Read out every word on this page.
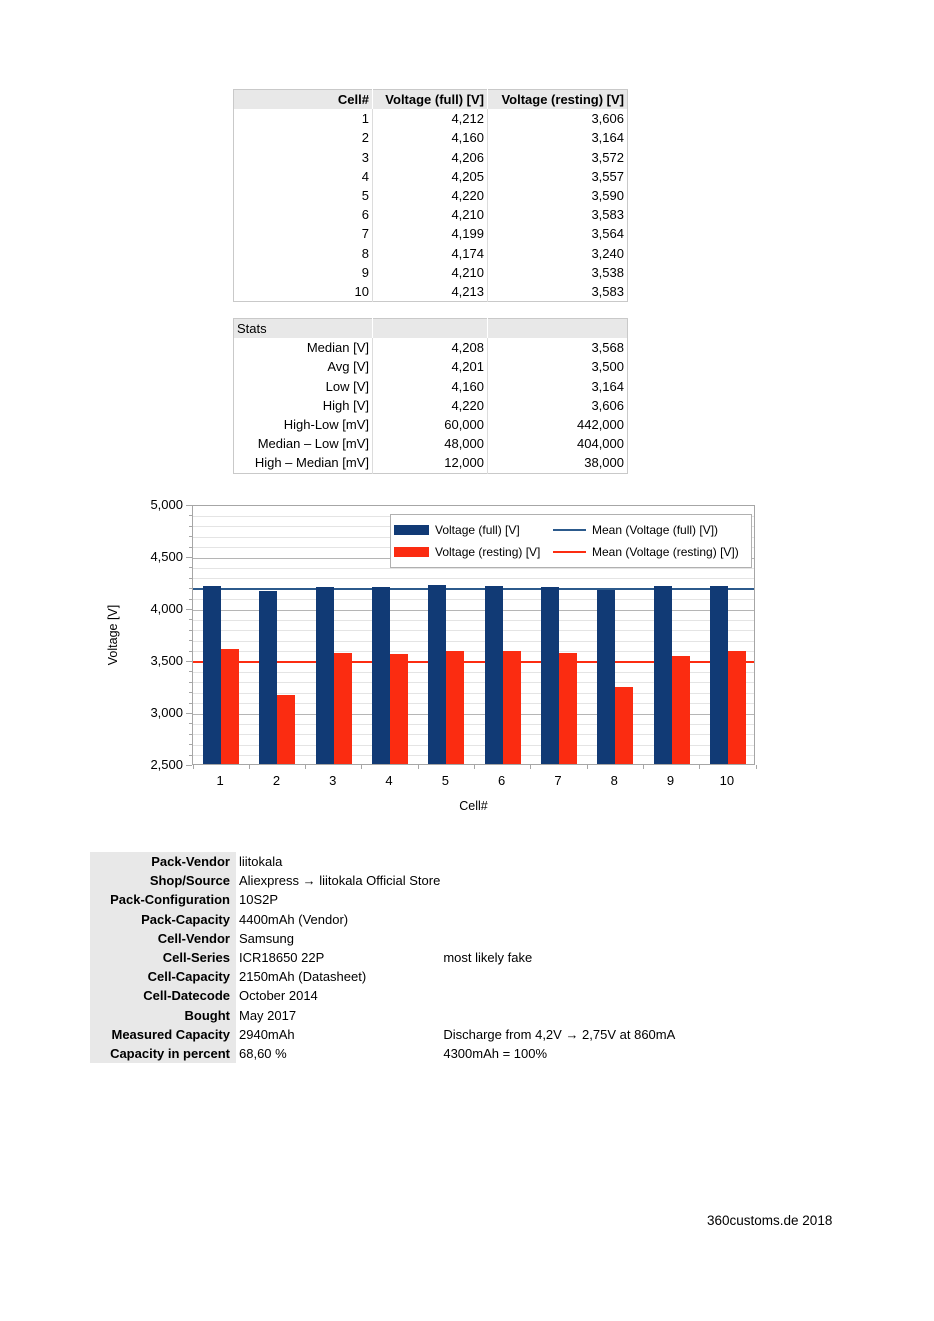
Cell#	Voltage (full) [V]	Voltage (resting) [V]
1	4,212	3,606
2	4,160	3,164
3	4,206	3,572
4	4,205	3,557
5	4,220	3,590
6	4,210	3,583
7	4,199	3,564
8	4,174	3,240
9	4,210	3,538
10	4,213	3,583
Stats		
Median [V]	4,208	3,568
Avg [V]	4,201	3,500
Low [V]	4,160	3,164
High [V]	4,220	3,606
High-Low [mV]	60,000	442,000
Median – Low [mV]	48,000	404,000
High – Median [mV]	12,000	38,000
Voltage [V]
Cell#
Voltage (full) [V]	Mean (Voltage (full) [V])
Voltage (resting) [V]	Mean (Voltage (resting) [V])
2,500
3,000
3,500
4,000
4,500
5,000
1	2	3	4	5	6	7	8	9	10
Pack-Vendor	liitokala	
Shop/Source	Aliexpress → liitokala Official Store	
Pack-Configuration	10S2P	
Pack-Capacity	4400mAh (Vendor)	
Cell-Vendor	Samsung	
Cell-Series	ICR18650 22P	most likely fake
Cell-Capacity	2150mAh (Datasheet)	
Cell-Datecode	October 2014	
Bought	May 2017	
Measured Capacity	2940mAh	Discharge from 4,2V → 2,75V at 860mA
Capacity in percent	68,60 %	4300mAh = 100%
360customs.de 2018
